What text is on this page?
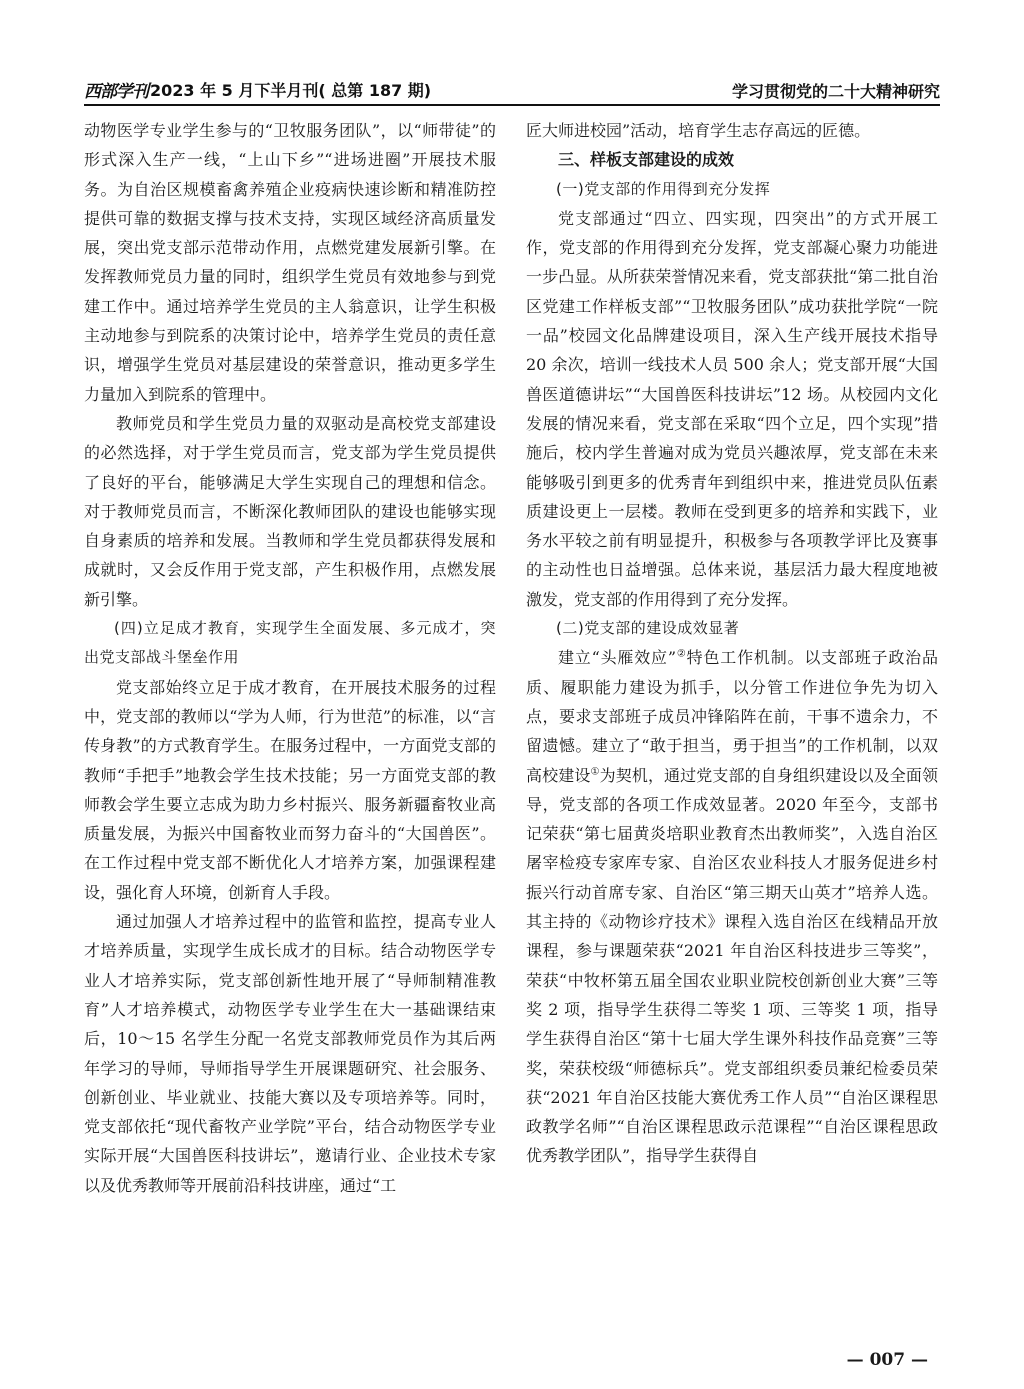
西部学刊 2023 年 5 月下半月刊( 总第 187 期)	学习贯彻党的二十大精神研究

动物医学专业学生参与的“卫牧服务团队”，以“师带徒”的形式深入生产一线，“上山下乡”“进场进圈”开展技术服务。为自治区规模畜禽养殖企业疫病快速诊断和精准防控提供可靠的数据支撑与技术支持，实现区域经济高质量发展，突出党支部示范带动作用，点燃党建发展新引擎。在发挥教师党员力量的同时，组织学生党员有效地参与到党建工作中。通过培养学生党员的主人翁意识，让学生积极主动地参与到院系的决策讨论中，培养学生党员的责任意识，增强学生党员对基层建设的荣誉意识，推动更多学生力量加入到院系的管理中。

教师党员和学生党员力量的双驱动是高校党支部建设的必然选择，对于学生党员而言，党支部为学生党员提供了良好的平台，能够满足大学生实现自己的理想和信念。对于教师党员而言，不断深化教师团队的建设也能够实现自身素质的培养和发展。当教师和学生党员都获得发展和成就时，又会反作用于党支部，产生积极作用，点燃发展新引擎。

(四)立足成才教育，实现学生全面发展、多元成才，突出党支部战斗堡垒作用

党支部始终立足于成才教育，在开展技术服务的过程中，党支部的教师以“学为人师，行为世范”的标准，以“言传身教”的方式教育学生。在服务过程中，一方面党支部的教师“手把手”地教会学生技术技能；另一方面党支部的教师教会学生要立志成为助力乡村振兴、服务新疆畜牧业高质量发展，为振兴中国畜牧业而努力奋斗的“大国兽医”。在工作过程中党支部不断优化人才培养方案，加强课程建设，强化育人环境，创新育人手段。

通过加强人才培养过程中的监管和监控，提高专业人才培养质量，实现学生成长成才的目标。结合动物医学专业人才培养实际，党支部创新性地开展了“导师制精准教育”人才培养模式，动物医学专业学生在大一基础课结束后，10～15 名学生分配一名党支部教师党员作为其后两年学习的导师，导师指导学生开展课题研究、社会服务、创新创业、毕业就业、技能大赛以及专项培养等。同时，党支部依托“现代畜牧产业学院”平台，结合动物医学专业实际开展“大国兽医科技讲坛”，邀请行业、企业技术专家以及优秀教师等开展前沿科技讲座，通过“工

匠大师进校园”活动，培育学生志存高远的匠德。

三、样板支部建设的成效

(一)党支部的作用得到充分发挥

党支部通过“四立、四实现，四突出”的方式开展工作，党支部的作用得到充分发挥，党支部凝心聚力功能进一步凸显。从所获荣誉情况来看，党支部获批“第二批自治区党建工作样板支部”“卫牧服务团队”成功获批学院“一院一品”校园文化品牌建设项目，深入生产线开展技术指导 20 余次，培训一线技术人员 500 余人；党支部开展“大国兽医道德讲坛”“大国兽医科技讲坛”12 场。从校园内文化发展的情况来看，党支部在采取“四个立足，四个实现”措施后，校内学生普遍对成为党员兴趣浓厚，党支部在未来能够吸引到更多的优秀青年到组织中来，推进党员队伍素质建设更上一层楼。教师在受到更多的培养和实践下，业务水平较之前有明显提升，积极参与各项教学评比及赛事的主动性也日益增强。总体来说，基层活力最大程度地被激发，党支部的作用得到了充分发挥。

(二)党支部的建设成效显著

建立“头雁效应”②特色工作机制。以支部班子政治品质、履职能力建设为抓手，以分管工作进位争先为切入点，要求支部班子成员冲锋陷阵在前，干事不遗余力，不留遗憾。建立了“敢于担当，勇于担当”的工作机制，以双高校建设①为契机，通过党支部的自身组织建设以及全面领导，党支部的各项工作成效显著。2020 年至今，支部书记荣获“第七届黄炎培职业教育杰出教师奖”，入选自治区屠宰检疫专家库专家、自治区农业科技人才服务促进乡村振兴行动首席专家、自治区“第三期天山英才”培养人选。其主持的《动物诊疗技术》课程入选自治区在线精品开放课程，参与课题荣获“2021 年自治区科技进步三等奖”，荣获“中牧杯第五届全国农业职业院校创新创业大赛”三等奖 2 项，指导学生获得二等奖 1 项、三等奖 1 项，指导学生获得自治区“第十七届大学生课外科技作品竞赛”三等奖，荣获校级“师德标兵”。党支部组织委员兼纪检委员荣获“2021 年自治区技能大赛优秀工作人员”“自治区课程思政教学名师”“自治区课程思政示范课程”“自治区课程思政优秀教学团队”，指导学生获得自

— 007 —
